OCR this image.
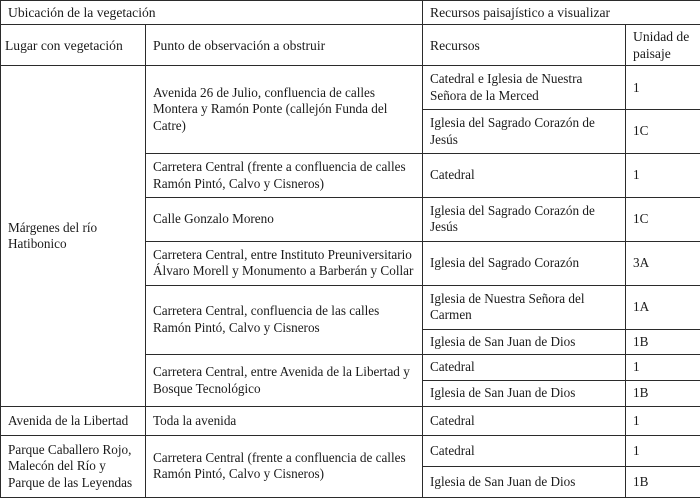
Ubicación de la vegetación		Recursos paisajístico a visualizar	
Lugar con vegetación	Punto de observación a obstruir	Recursos	Unidad de paisaje
Márgenes del río Hatibonico	Avenida 26 de Julio, confluencia de calles Montera y Ramón Ponte (callejón Funda del Catre)	Catedral e Iglesia de Nuestra Señora de la Merced	1
		Iglesia del Sagrado Corazón de Jesús	1C
	Carretera Central (frente a confluencia de calles Ramón Pintó, Calvo y Cisneros)	Catedral	1
	Calle Gonzalo Moreno	Iglesia del Sagrado Corazón de Jesús	1C
	Carretera Central, entre Instituto Preuniversitario Álvaro Morell y Monumento a Barberán y Collar	Iglesia del Sagrado Corazón	3A
	Carretera Central, confluencia de las calles Ramón Pintó, Calvo y Cisneros	Iglesia de Nuestra Señora del Carmen	1A
		Iglesia de San Juan de Dios	1B
	Carretera Central, entre Avenida de la Libertad y Bosque Tecnológico	Catedral	1
		Iglesia de San Juan de Dios	1B
Avenida de la Libertad	Toda la avenida	Catedral	1
Parque Caballero Rojo, Malecón del Río y Parque de las Leyendas	Carretera Central (frente a confluencia de calles Ramón Pintó, Calvo y Cisneros)	Catedral	1
		Iglesia de San Juan de Dios	1B
